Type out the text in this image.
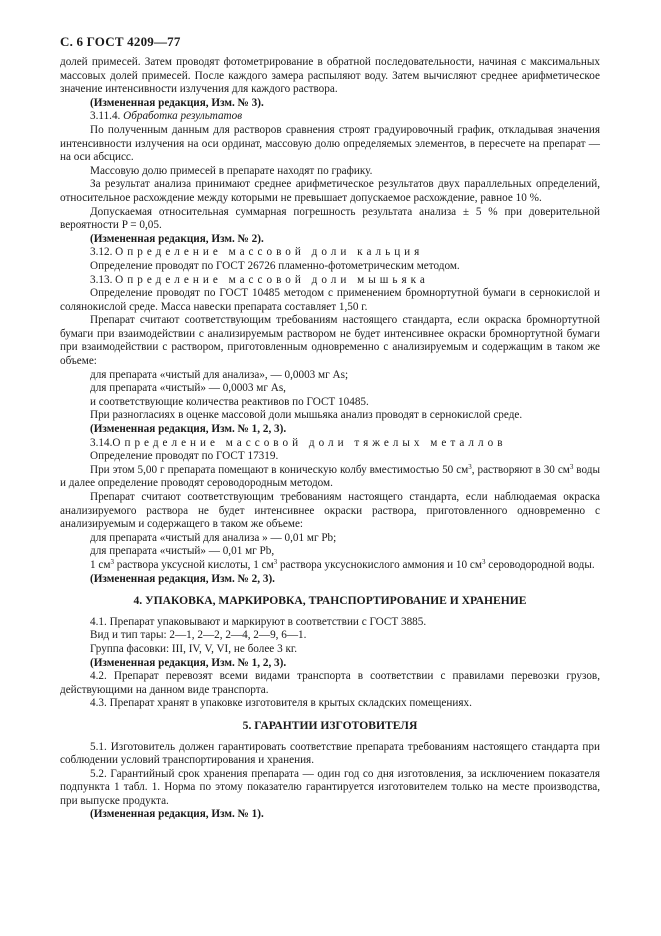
С. 6 ГОСТ 4209—77

долей примесей. Затем проводят фотометрирование в обратной последовательности, начиная с максимальных массовых долей примесей. После каждого замера распыляют воду. Затем вычисляют среднее арифметическое значение интенсивности излучения для каждого раствора.

(Измененная редакция, Изм. № 3).

3.11.4. Обработка результатов

По полученным данным для растворов сравнения строят градуировочный график, откладывая значения интенсивности излучения на оси ординат, массовую долю определяемых элементов, в пересчете на препарат — на оси абсцисс.

Массовую долю примесей в препарате находят по графику.

За результат анализа принимают среднее арифметическое результатов двух параллельных определений, относительное расхождение между которыми не превышает допускаемое расхождение, равное 10 %.

Допускаемая относительная суммарная погрешность результата анализа ± 5 % при доверительной вероятности P = 0,05.

(Измененная редакция, Изм. № 2).

3.12. Определение массовой доли кальция

Определение проводят по ГОСТ 26726 пламенно-фотометрическим методом.

3.13. Определение массовой доли мышьяка

Определение проводят по ГОСТ 10485 методом с применением бромнортутной бумаги в сернокислой и солянокислой среде. Масса навески препарата составляет 1,50 г.

Препарат считают соответствующим требованиям настоящего стандарта, если окраска бромнортутной бумаги при взаимодействии с анализируемым раствором не будет интенсивнее окраски бромнортутной бумаги при взаимодействии с раствором, приготовленным одновременно с анализируемым и содержащим в таком же объеме:

для препарата «чистый для анализа», — 0,0003 мг As;

для препарата «чистый» — 0,0003 мг As,

и соответствующие количества реактивов по ГОСТ 10485.

При разногласиях в оценке массовой доли мышьяка анализ проводят в сернокислой среде.

(Измененная редакция, Изм. № 1, 2, 3).

3.14.Определение массовой доли тяжелых металлов

Определение проводят по ГОСТ 17319.

При этом 5,00 г препарата помещают в коническую колбу вместимостью 50 $см^3$, растворяют в 30 $см^3$ воды и далее определение проводят сероводородным методом.

Препарат считают соответствующим требованиям настоящего стандарта, если наблюдаемая окраска анализируемого раствора не будет интенсивнее окраски раствора, приготовленного одновременно с анализируемым и содержащего в таком же объеме:

для препарата «чистый для анализа » — 0,01 мг Pb;

для препарата «чистый» — 0,01 мг Pb,

1 $см^3$ раствора уксусной кислоты, 1 $см^3$ раствора уксуснокислого аммония и 10 $см^3$ сероводородной воды.

(Измененная редакция, Изм. № 2, 3).

4. УПАКОВКА, МАРКИРОВКА, ТРАНСПОРТИРОВАНИЕ И ХРАНЕНИЕ

4.1. Препарат упаковывают и маркируют в соответствии с ГОСТ 3885.

Вид и тип тары: 2—1, 2—2, 2—4, 2—9, 6—1.

Группа фасовки: III, IV, V, VI, не более 3 кг.

(Измененная редакция, Изм. № 1, 2, 3).

4.2. Препарат перевозят всеми видами транспорта в соответствии с правилами перевозки грузов, действующими на данном виде транспорта.

4.3. Препарат хранят в упаковке изготовителя в крытых складских помещениях.

5. ГАРАНТИИ ИЗГОТОВИТЕЛЯ

5.1. Изготовитель должен гарантировать соответствие препарата требованиям настоящего стандарта при соблюдении условий транспортирования и хранения.

5.2. Гарантийный срок хранения препарата — один год со дня изготовления, за исключением показателя подпункта 1 табл. 1. Норма по этому показателю гарантируется изготовителем только на месте производства, при выпуске продукта.

(Измененная редакция, Изм. № 1).
